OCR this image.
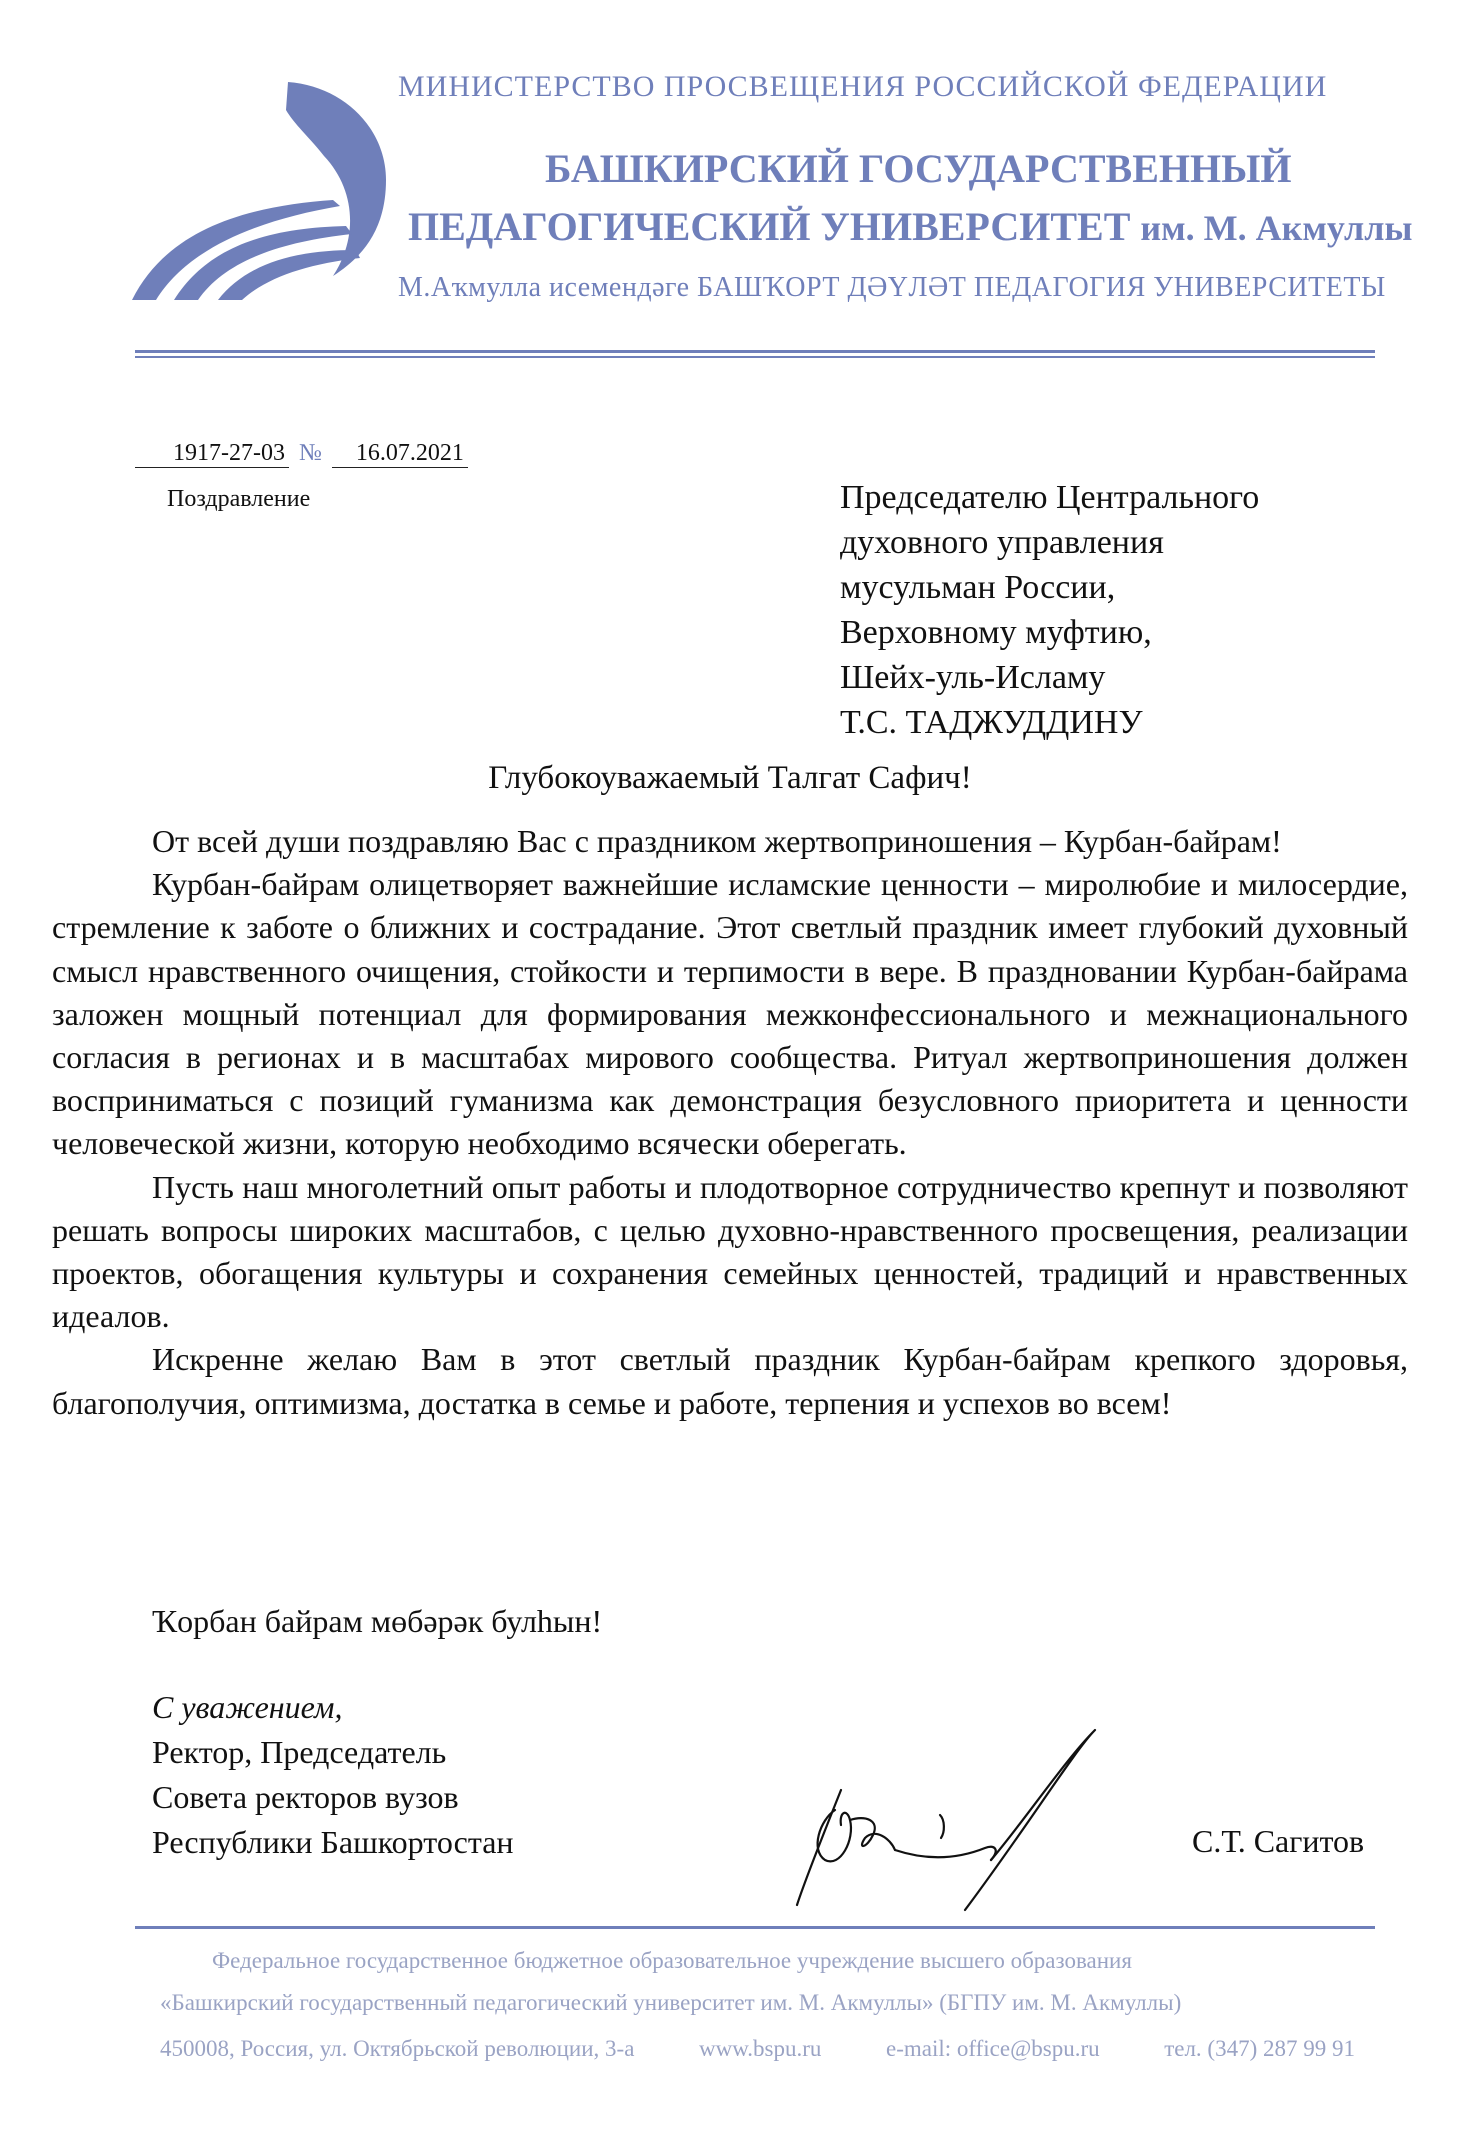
МИНИСТЕРСТВО ПРОСВЕЩЕНИЯ РОССИЙСКОЙ ФЕДЕРАЦИИ
БАШКИРСКИЙ ГОСУДАРСТВЕННЫЙ
ПЕДАГОГИЧЕСКИЙ УНИВЕРСИТЕТ им. М. Акмуллы
М.Аҡмулла исемендәге БАШҠОРТ ДӘҮЛӘТ ПЕДАГОГИЯ УНИВЕРСИТЕТЫ
1917-27-03 № 16.07.2021
Поздравление	Председателю Центрального
духовного управления
мусульман России,
Верховному муфтию,
Шейх-уль-Исламу
Т.С. ТАДЖУДДИНУ
Глубокоуважаемый Талгат Сафич!

От всей души поздравляю Вас с праздником жертвоприношения – Курбан-байрам!

Курбан-байрам олицетворяет важнейшие исламские ценности – миролюбие и милосердие, стремление к заботе о ближних и сострадание. Этот светлый праздник имеет глубокий духовный смысл нравственного очищения, стойкости и терпимости в вере. В праздновании Курбан-байрама заложен мощный потенциал для формирования межконфессионального и межнационального согласия в регионах и в масштабах мирового сообщества. Ритуал жертвоприношения должен восприниматься с позиций гуманизма как демонстрация безусловного приоритета и ценности человеческой жизни, которую необходимо всячески оберегать.

Пусть наш многолетний опыт работы и плодотворное сотрудничество крепнут и позволяют решать вопросы широких масштабов, с целью духовно-нравственного просвещения, реализации проектов, обогащения культуры и сохранения семейных ценностей, традиций и нравственных идеалов.

Искренне желаю Вам в этот светлый праздник Курбан-байрам крепкого здоровья, благополучия, оптимизма, достатка в семье и работе, терпения и успехов во всем!

Ҡорбан байрам мөбәрәк булһын!
С уважением,
Ректор, Председатель
Совета ректоров вузов
Республики Башкортостан	С.Т. Сагитов
Федеральное государственное бюджетное образовательное учреждение высшего образования
«Башкирский государственный педагогический университет им. М. Акмуллы» (БГПУ им. М. Акмуллы)
450008, Россия, ул. Октябрьской революции, 3-а	www.bspu.ru	e-mail: office@bspu.ru	тел. (347) 287 99 91
